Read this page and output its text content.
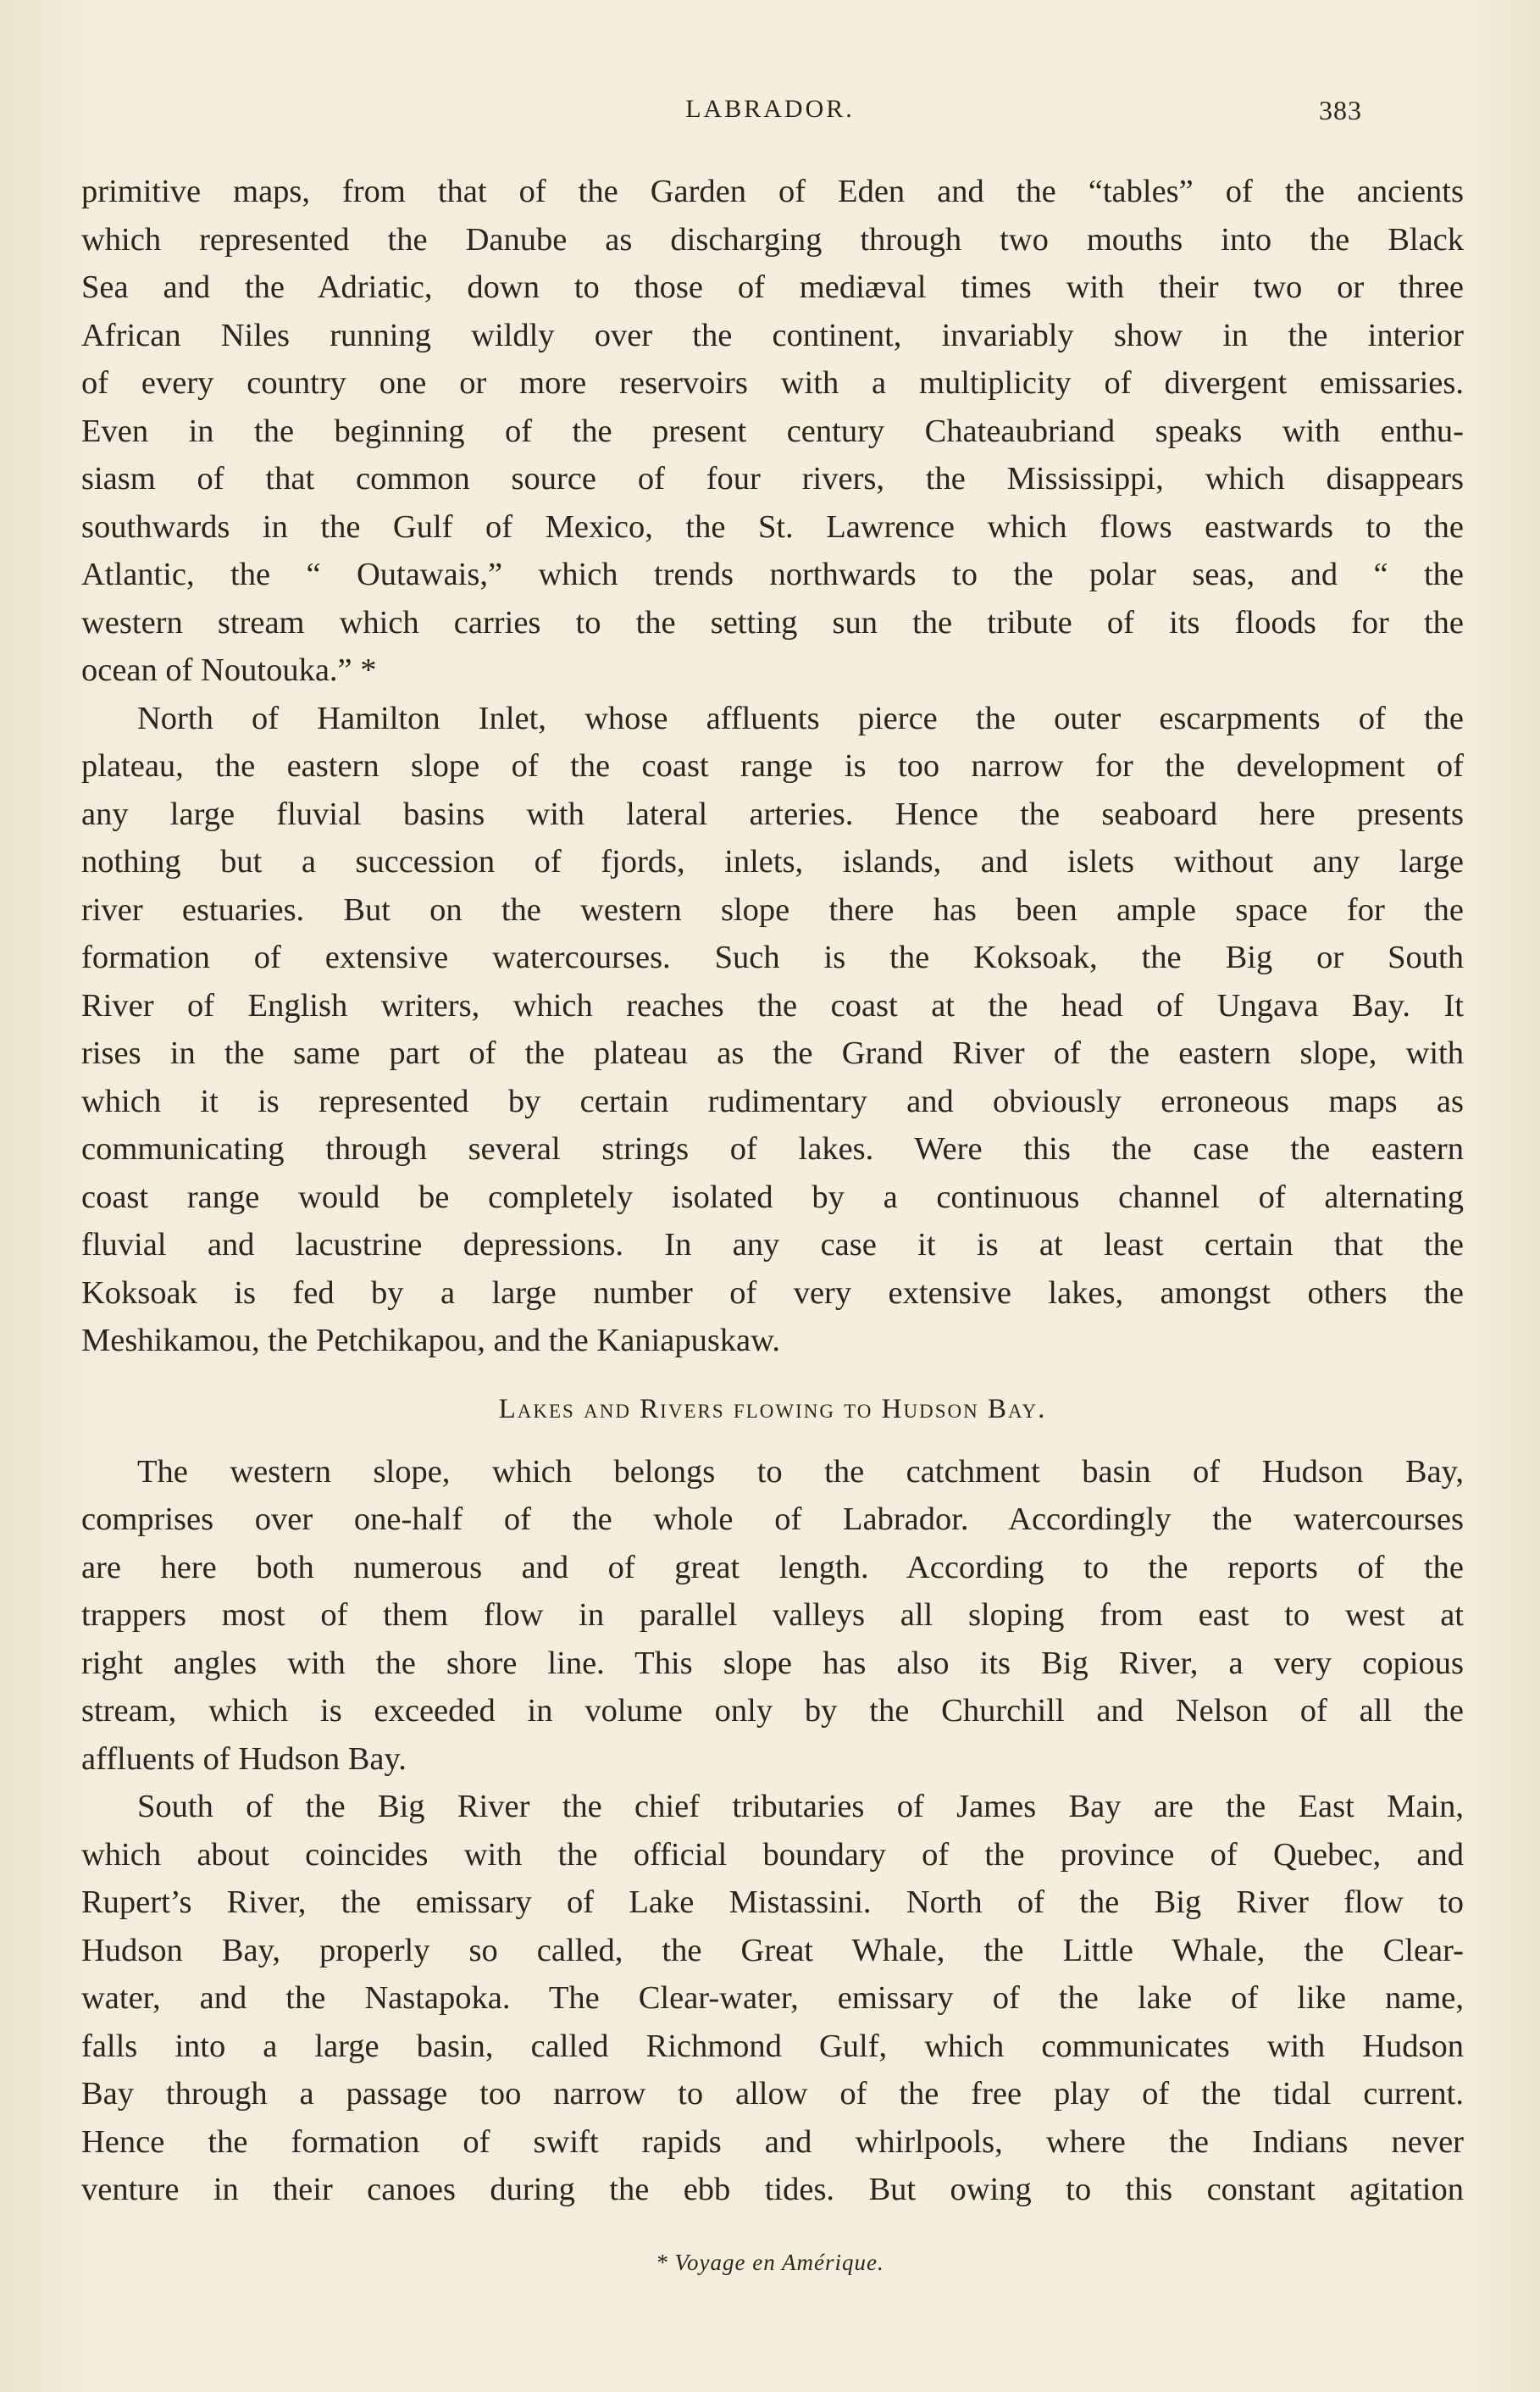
LABRADOR.	383
primitive maps, from that of the Garden of Eden and the “tables” of the ancients
which represented the Danube as discharging through two mouths into the Black
Sea and the Adriatic, down to those of mediæval times with their two or three
African Niles running wildly over the continent, invariably show in the interior
of every country one or more reservoirs with a multiplicity of divergent emissaries.
Even in the beginning of the present century Chateaubriand speaks with enthu-
siasm of that common source of four rivers, the Mississippi, which disappears
southwards in the Gulf of Mexico, the St. Lawrence which flows eastwards to the
Atlantic, the “ Outawais,” which trends northwards to the polar seas, and “ the
western stream which carries to the setting sun the tribute of its floods for the
ocean of Noutouka.” *
North of Hamilton Inlet, whose affluents pierce the outer escarpments of the
plateau, the eastern slope of the coast range is too narrow for the development of
any large fluvial basins with lateral arteries. Hence the seaboard here presents
nothing but a succession of fjords, inlets, islands, and islets without any large
river estuaries. But on the western slope there has been ample space for the
formation of extensive watercourses. Such is the Koksoak, the Big or South
River of English writers, which reaches the coast at the head of Ungava Bay. It
rises in the same part of the plateau as the Grand River of the eastern slope, with
which it is represented by certain rudimentary and obviously erroneous maps as
communicating through several strings of lakes. Were this the case the eastern
coast range would be completely isolated by a continuous channel of alternating
fluvial and lacustrine depressions. In any case it is at least certain that the
Koksoak is fed by a large number of very extensive lakes, amongst others the
Meshikamou, the Petchikapou, and the Kaniapuskaw.
Lakes and Rivers flowing to Hudson Bay.
The western slope, which belongs to the catchment basin of Hudson Bay,
comprises over one-half of the whole of Labrador. Accordingly the watercourses
are here both numerous and of great length. According to the reports of the
trappers most of them flow in parallel valleys all sloping from east to west at
right angles with the shore line. This slope has also its Big River, a very copious
stream, which is exceeded in volume only by the Churchill and Nelson of all the
affluents of Hudson Bay.
South of the Big River the chief tributaries of James Bay are the East Main,
which about coincides with the official boundary of the province of Quebec, and
Rupert’s River, the emissary of Lake Mistassini. North of the Big River flow to
Hudson Bay, properly so called, the Great Whale, the Little Whale, the Clear-
water, and the Nastapoka. The Clear-water, emissary of the lake of like name,
falls into a large basin, called Richmond Gulf, which communicates with Hudson
Bay through a passage too narrow to allow of the free play of the tidal current.
Hence the formation of swift rapids and whirlpools, where the Indians never
venture in their canoes during the ebb tides. But owing to this constant agitation
* Voyage en Amérique.
